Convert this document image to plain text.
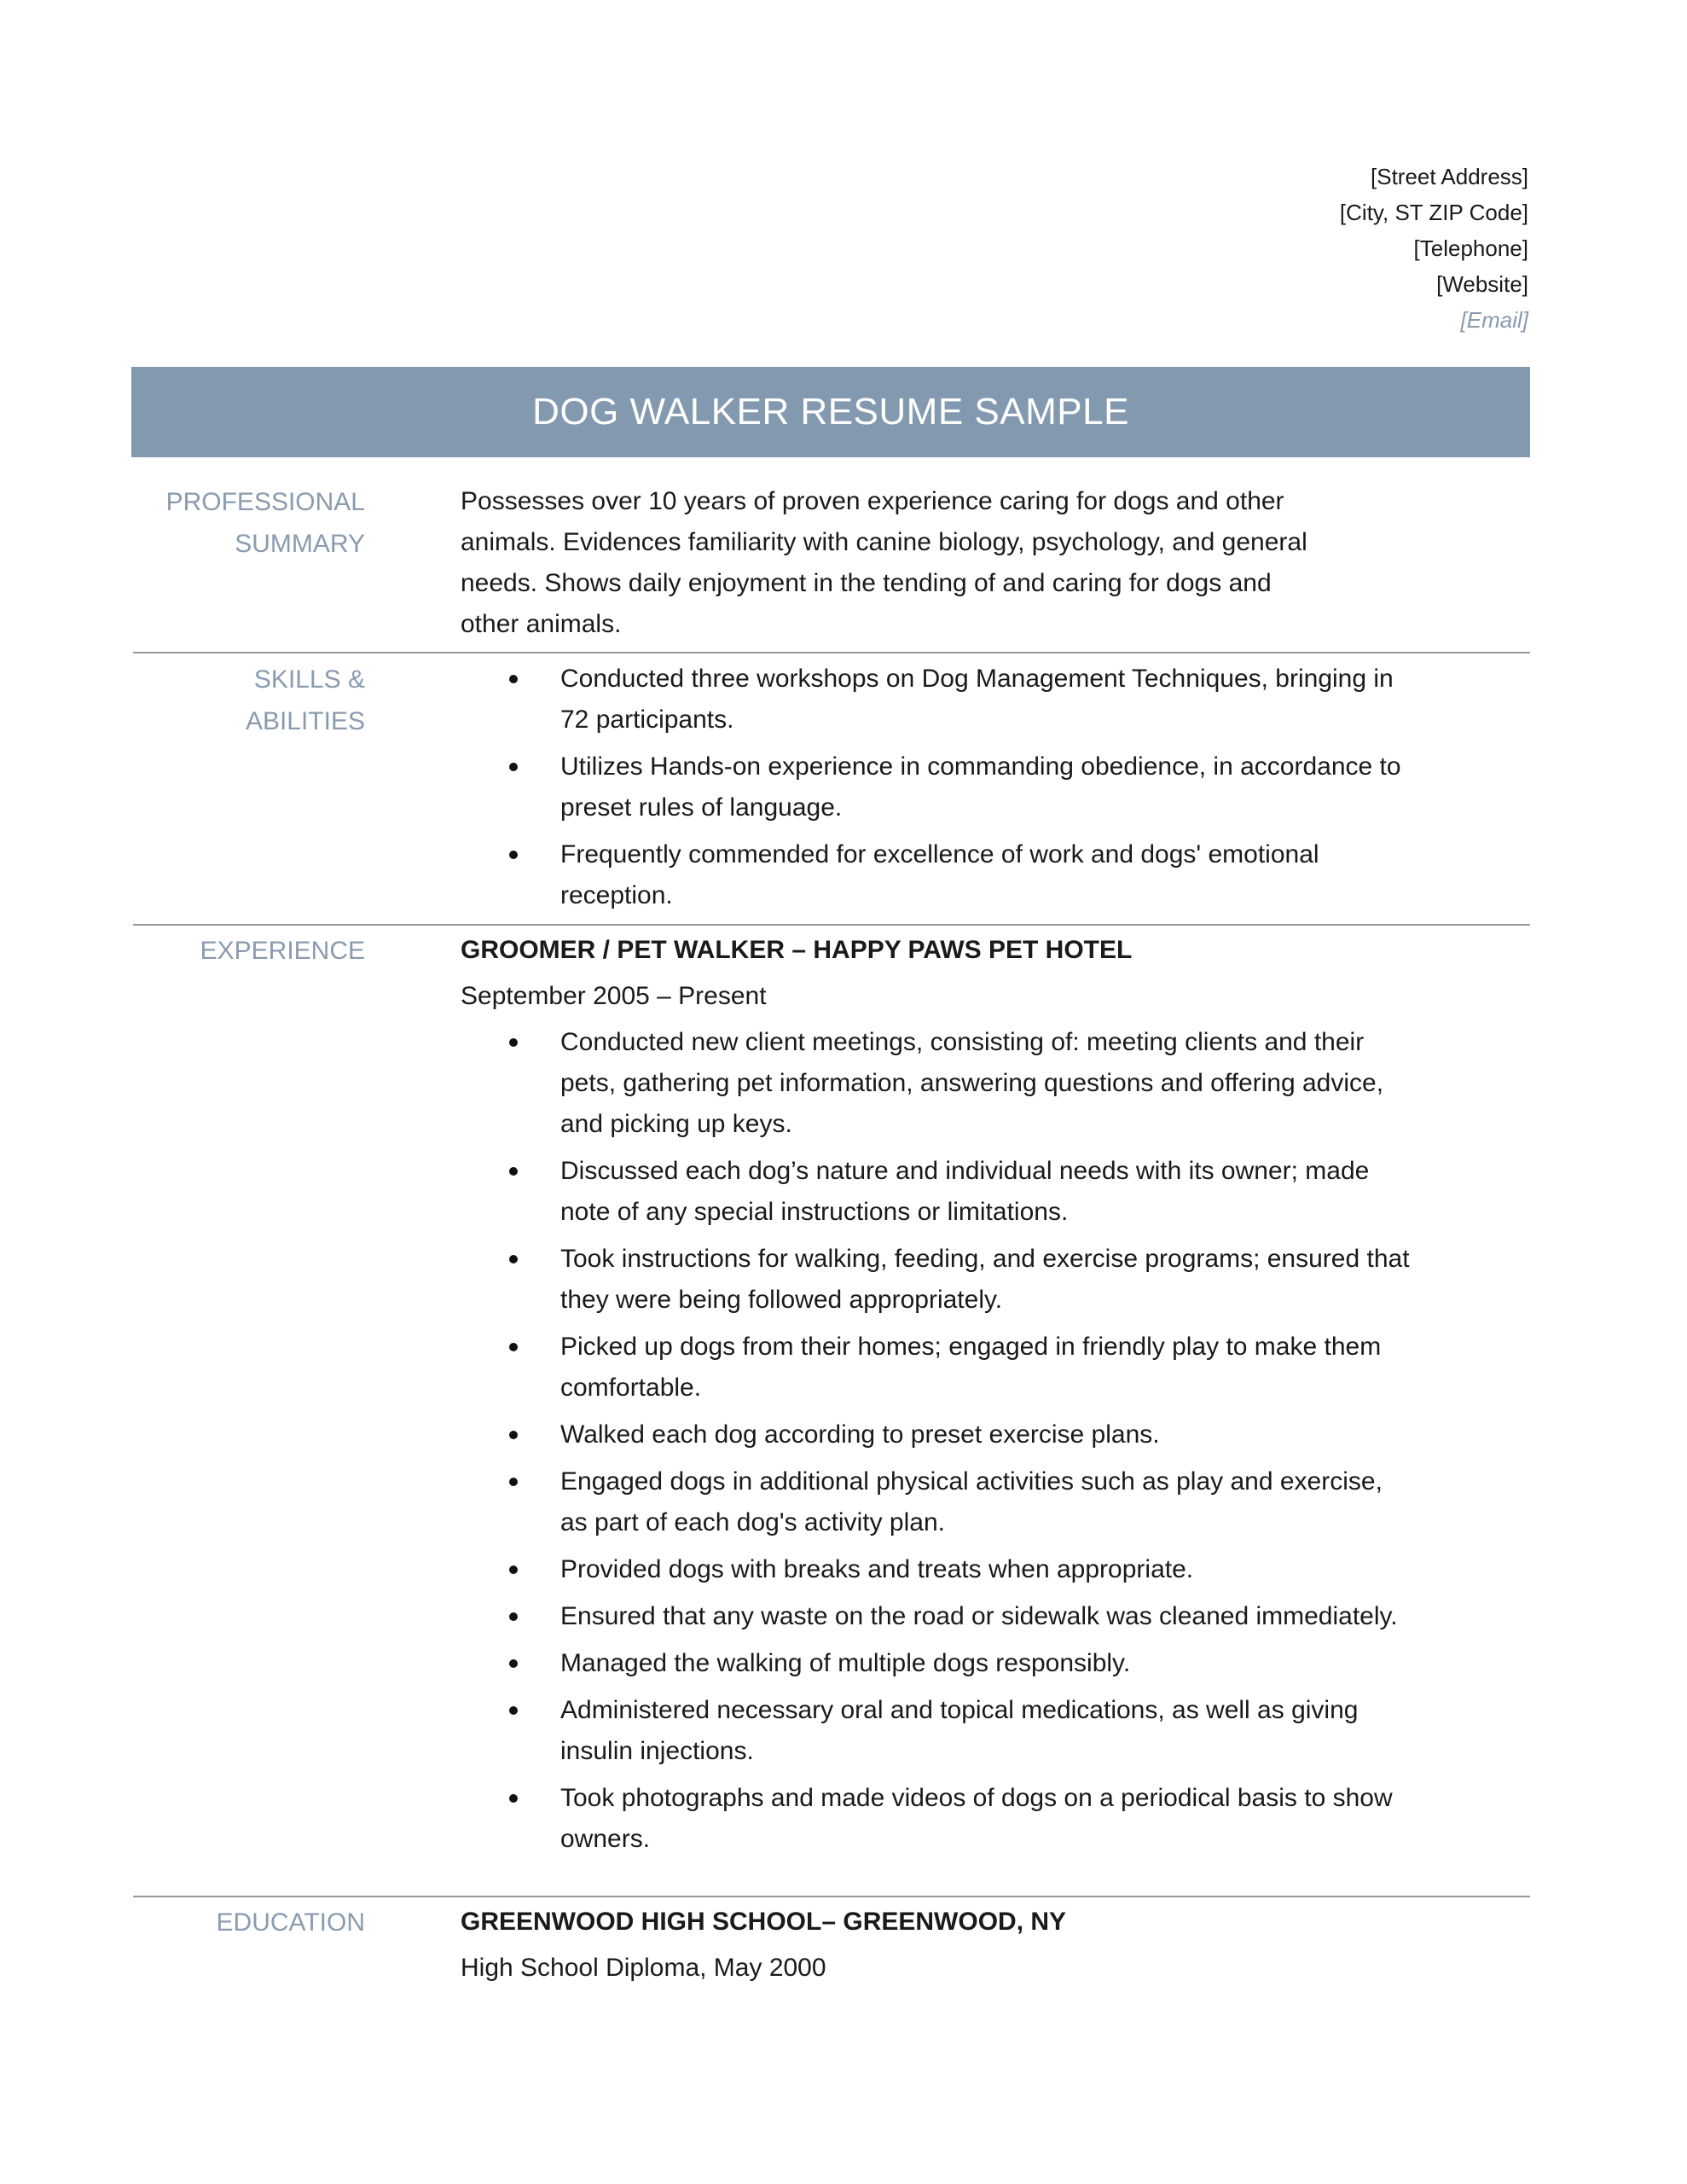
[Street Address]
[City, ST ZIP Code]
[Telephone]
[Website]
[Email]
DOG WALKER RESUME SAMPLE
PROFESSIONAL
SUMMARY
Possesses over 10 years of proven experience caring for dogs and other animals. Evidences familiarity with canine biology, psychology, and general needs. Shows daily enjoyment in the tending of and caring for dogs and other animals.
SKILLS & ABILITIES
Conducted three workshops on Dog Management Techniques, bringing in 72 participants.
Utilizes Hands-on experience in commanding obedience, in accordance to preset rules of language.
Frequently commended for excellence of work and dogs' emotional reception.
EXPERIENCE	GROOMER / PET WALKER – HAPPY PAWS PET HOTEL
September 2005 – Present
Conducted new client meetings, consisting of: meeting clients and their pets, gathering pet information, answering questions and offering advice, and picking up keys.
Discussed each dog’s nature and individual needs with its owner; made note of any special instructions or limitations.
Took instructions for walking, feeding, and exercise programs; ensured that they were being followed appropriately.
Picked up dogs from their homes; engaged in friendly play to make them comfortable.
Walked each dog according to preset exercise plans.
Engaged dogs in additional physical activities such as play and exercise, as part of each dog's activity plan.
Provided dogs with breaks and treats when appropriate.
Ensured that any waste on the road or sidewalk was cleaned immediately.
Managed the walking of multiple dogs responsibly.
Administered necessary oral and topical medications, as well as giving insulin injections.
Took photographs and made videos of dogs on a periodical basis to show owners.
EDUCATION	GREENWOOD HIGH SCHOOL– GREENWOOD, NY
High School Diploma, May 2000
